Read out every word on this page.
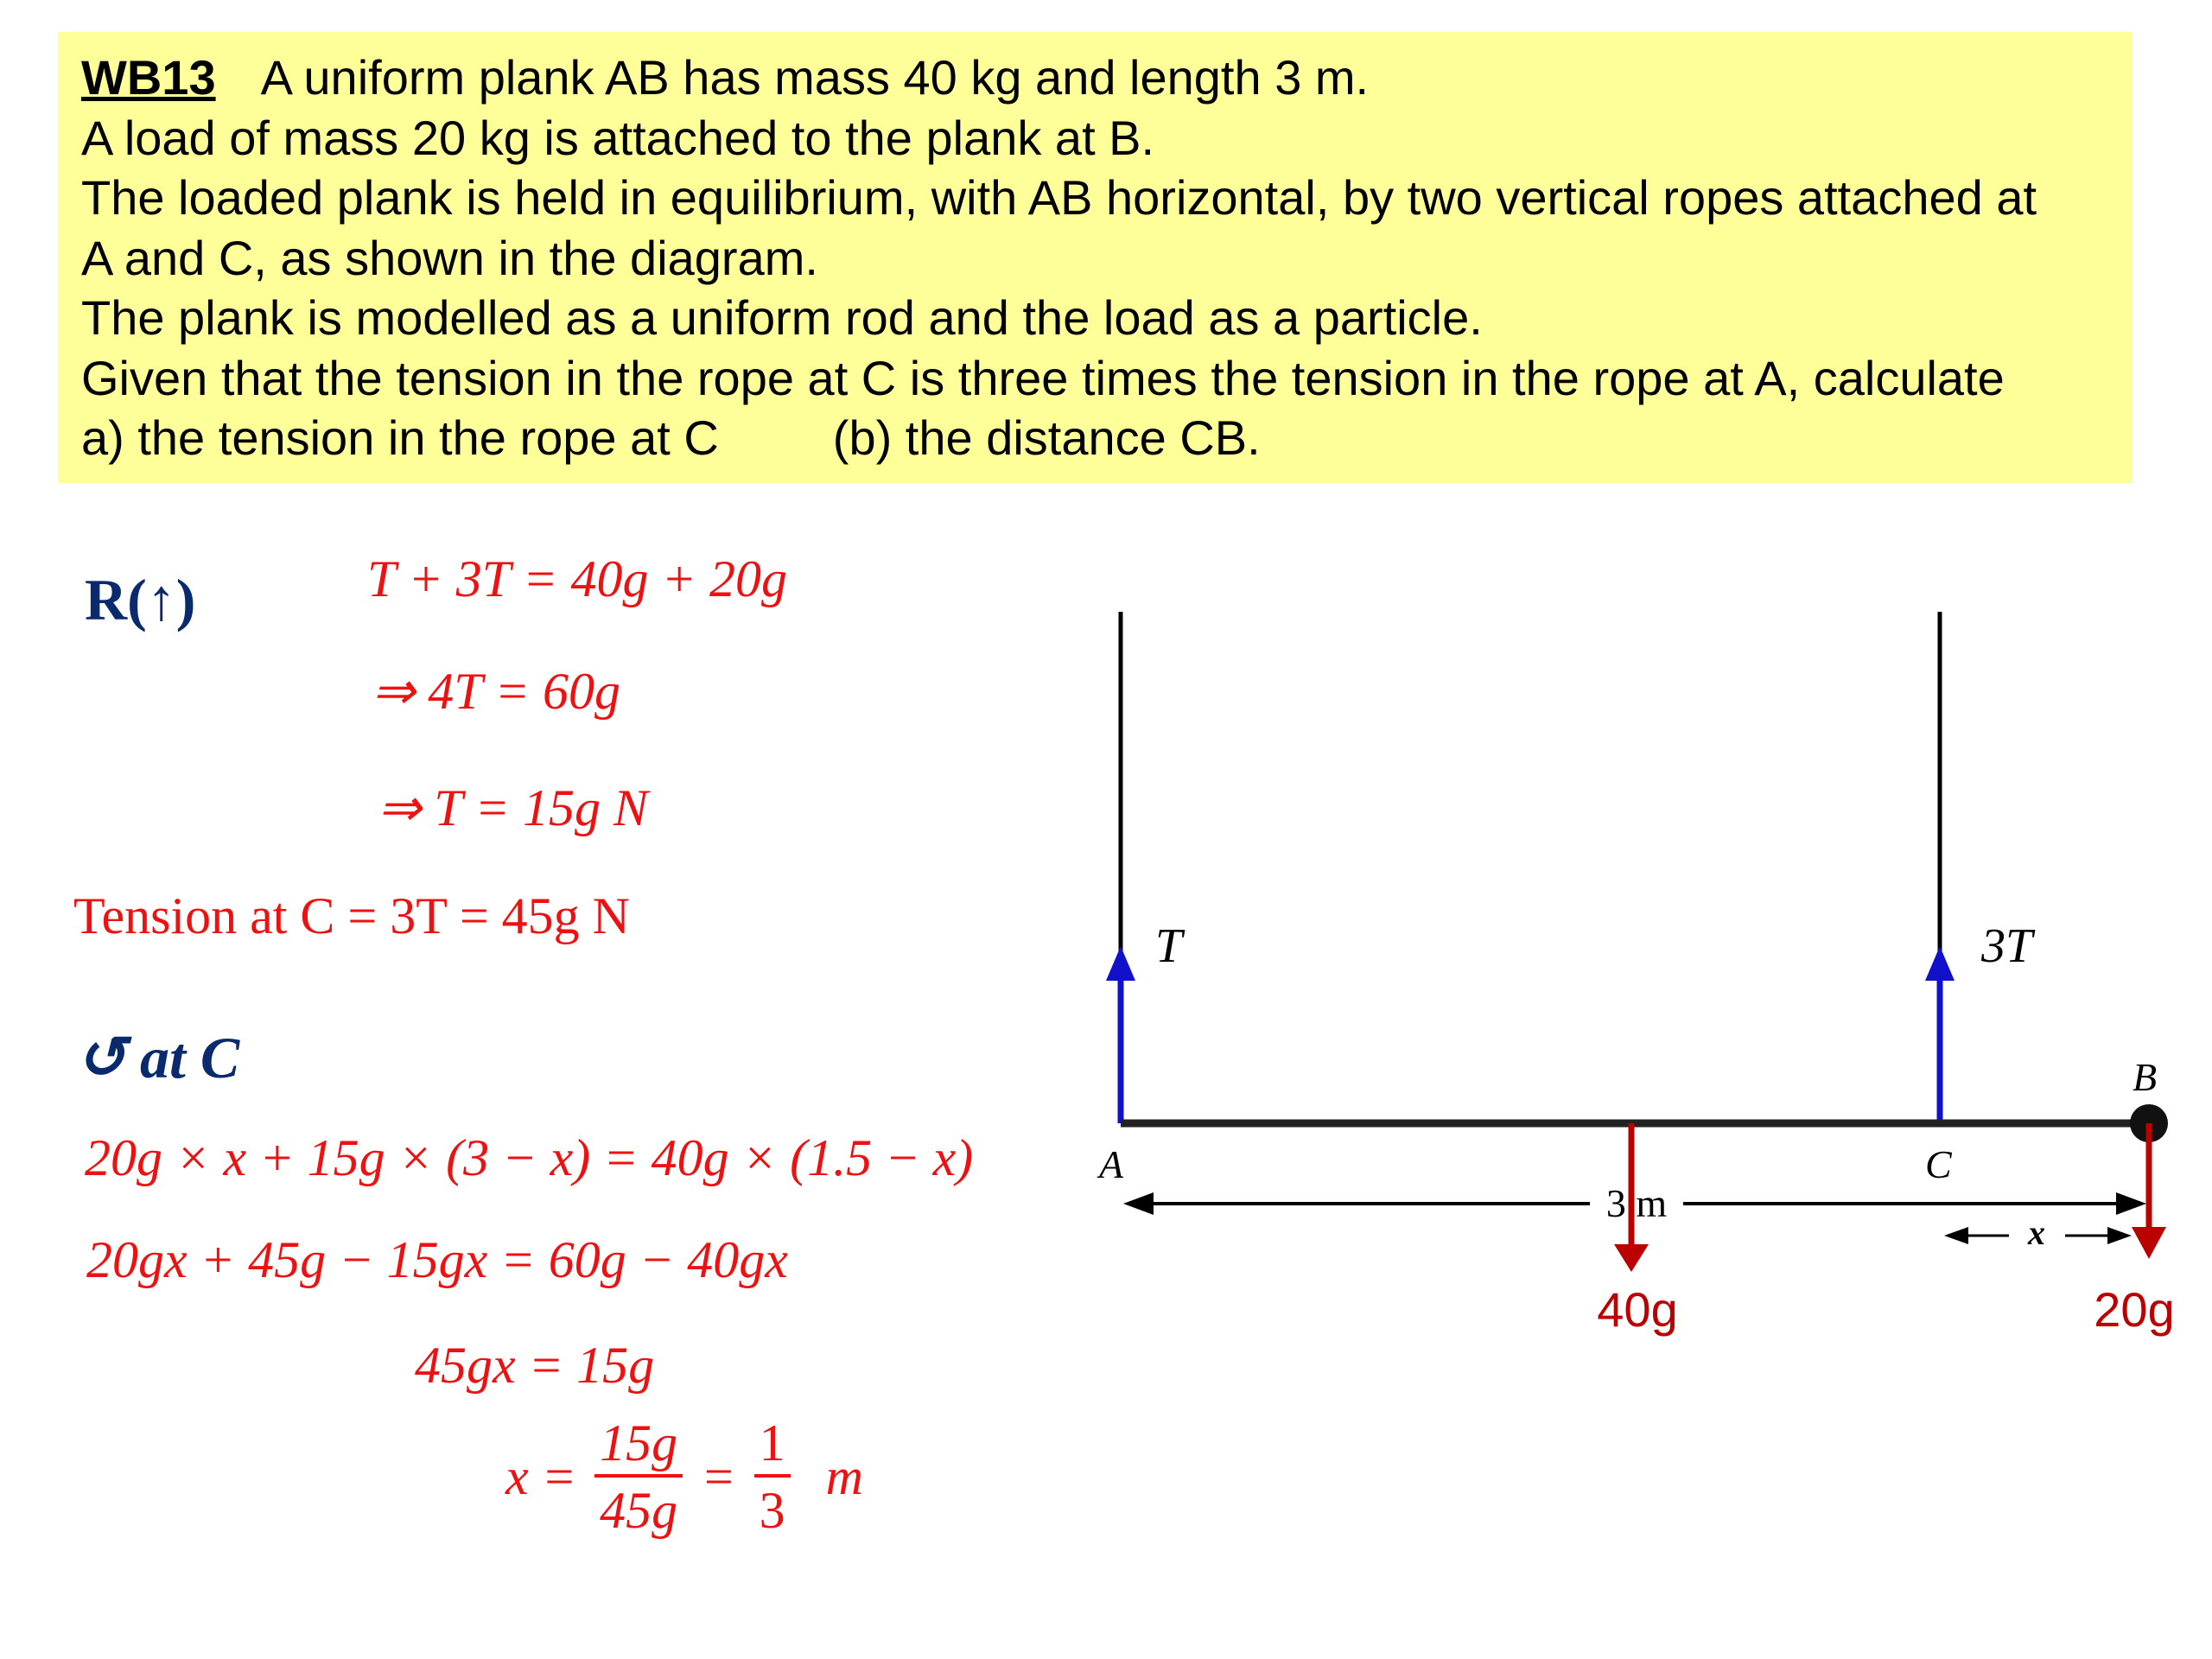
WB13 A uniform plank AB has mass 40 kg and length 3 m.
A load of mass 20 kg is attached to the plank at B.
The loaded plank is held in equilibrium, with AB horizontal, by two vertical ropes attached at
A and C, as shown in the diagram.
The plank is modelled as a uniform rod and the load as a particle.
Given that the tension in the rope at C is three times the tension in the rope at A, calculate
a) the tension in the rope at C (b) the distance CB.
R(↑)	T + 3T = 40g + 20g
⇒ 4T = 60g
⇒ T = 15g N
Tension at C = 3T = 45g N
↺ at C
20g × x + 15g × (3 − x) = 40g × (1.5 − x)
20gx + 45g − 15gx = 60g − 40gx
45gx = 15g
$x = \frac{15g}{45g} = \frac{1}{3}$ m
A
B
C
T	3T
3 m
x
40g	20g
